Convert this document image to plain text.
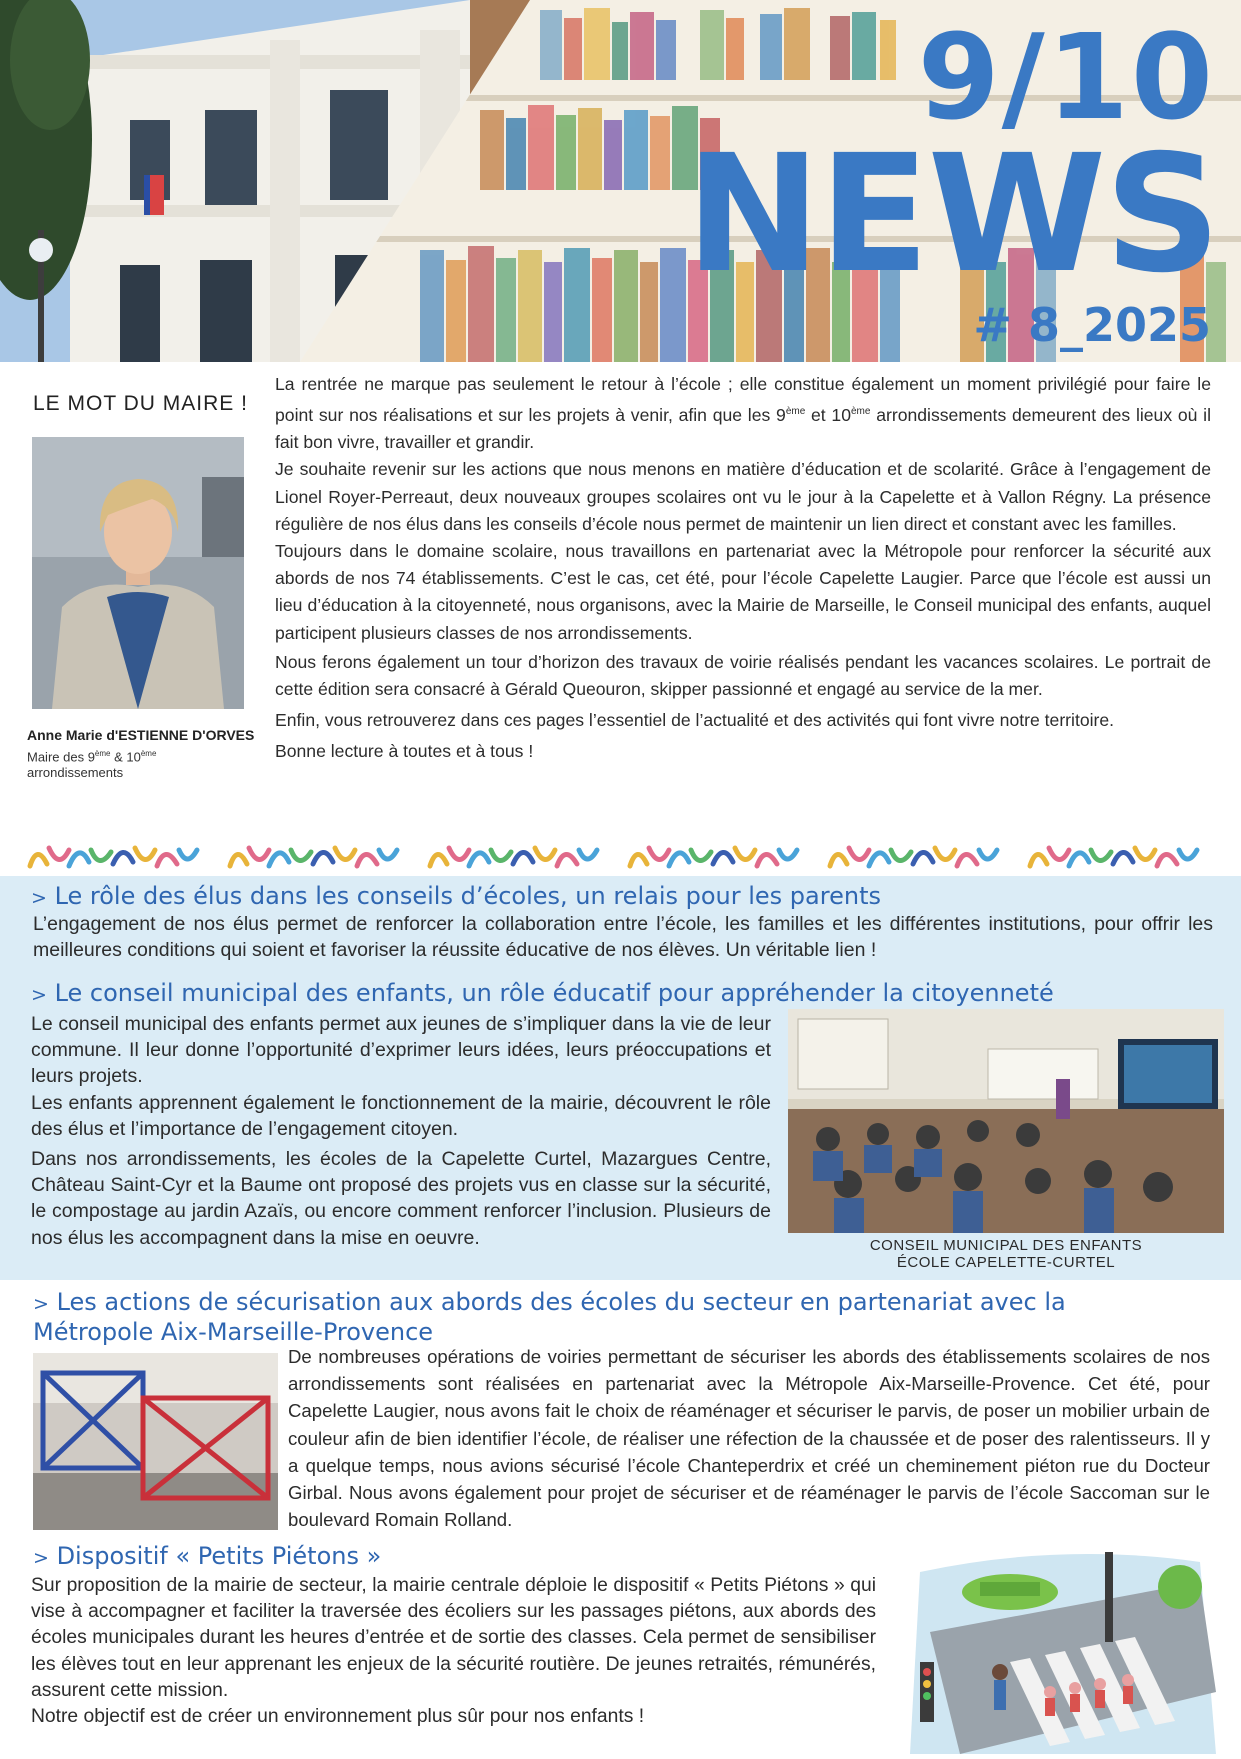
9/10
NEWS
# 8_2025
LE MOT DU MAIRE !
Anne Marie d'ESTIENNE D'ORVES
Maire des 9ème & 10ème
arrondissements

La rentrée ne marque pas seulement le retour à l’école ; elle constitue également un moment privilégié pour faire le point sur nos réalisations et sur les projets à venir, afin que les 9ème et 10ème arrondissements demeurent des lieux où il fait bon vivre, travailler et grandir.

Je souhaite revenir sur les actions que nous menons en matière d’éducation et de scolarité. Grâce à l’engagement de Lionel Royer-Perreaut, deux nouveaux groupes scolaires ont vu le jour à la Capelette et à Vallon Régny. La présence régulière de nos élus dans les conseils d’école nous permet de maintenir un lien direct et constant avec les familles.

Toujours dans le domaine scolaire, nous travaillons en partenariat avec la Métropole pour renforcer la sécurité aux abords de nos 74 établissements. C’est le cas, cet été, pour l’école Capelette Laugier. Parce que l’école est aussi un lieu d’éducation à la citoyenneté, nous organisons, avec la Mairie de Marseille, le Conseil municipal des enfants, auquel participent plusieurs classes de nos arrondissements.

Nous ferons également un tour d’horizon des travaux de voirie réalisés pendant les vacances scolaires. Le portrait de cette édition sera consacré à Gérald Queouron, skipper passionné et engagé au service de la mer.

Enfin, vous retrouverez dans ces pages l’essentiel de l’actualité et des activités qui font vivre notre territoire.

Bonne lecture à toutes et à tous !

> Le rôle des élus dans les conseils d’écoles, un relais pour les parents
L’engagement de nos élus permet de renforcer la collaboration entre l’école, les familles et les différentes institutions, pour offrir les meilleures conditions qui soient et favoriser la réussite éducative de nos élèves. Un véritable lien !
> Le conseil municipal des enfants, un rôle éducatif pour appréhender la citoyenneté

Le conseil municipal des enfants permet aux jeunes de s’impliquer dans la vie de leur commune. Il leur donne l’opportunité d’exprimer leurs idées, leurs préoccupations et leurs projets.

Les enfants apprennent également le fonctionnement de la mairie, découvrent le rôle des élus et l’importance de l’engagement citoyen.

Dans nos arrondissements, les écoles de la Capelette Curtel, Mazargues Centre, Château Saint-Cyr et la Baume ont proposé des projets vus en classe sur la sécurité, le compostage au jardin Azaïs, ou encore comment renforcer l’inclusion. Plusieurs de nos élus les accompagnent dans la mise en oeuvre.	CONSEIL MUNICIPAL DES ENFANTS
ÉCOLE CAPELETTE-CURTEL
> Les actions de sécurisation aux abords des écoles du secteur en partenariat avec la
Métropole Aix-Marseille-Provence
De nombreuses opérations de voiries permettant de sécuriser les abords des établissements scolaires de nos arrondissements sont réalisées en partenariat avec la Métropole Aix-Marseille-Provence. Cet été, pour Capelette Laugier, nous avons fait le choix de réaménager et sécuriser le parvis, de poser un mobilier urbain de couleur afin de bien identifier l’école, de réaliser une réfection de la chaussée et de poser des ralentisseurs. Il y a quelque temps, nous avions sécurisé l’école Chanteperdrix et créé un cheminement piéton rue du Docteur Girbal. Nous avons également pour projet de sécuriser et de réaménager le parvis de l’école Saccoman sur le boulevard Romain Rolland.
> Dispositif « Petits Piétons »

Sur proposition de la mairie de secteur, la mairie centrale déploie le dispositif « Petits Piétons » qui vise à accompagner et faciliter la traversée des écoliers sur les passages piétons, aux abords des écoles municipales durant les heures d’entrée et de sortie des classes. Cela permet de sensibiliser les élèves tout en leur apprenant les enjeux de la sécurité routière. De jeunes retraités, rémunérés, assurent cette mission.

Notre objectif est de créer un environnement plus sûr pour nos enfants !
